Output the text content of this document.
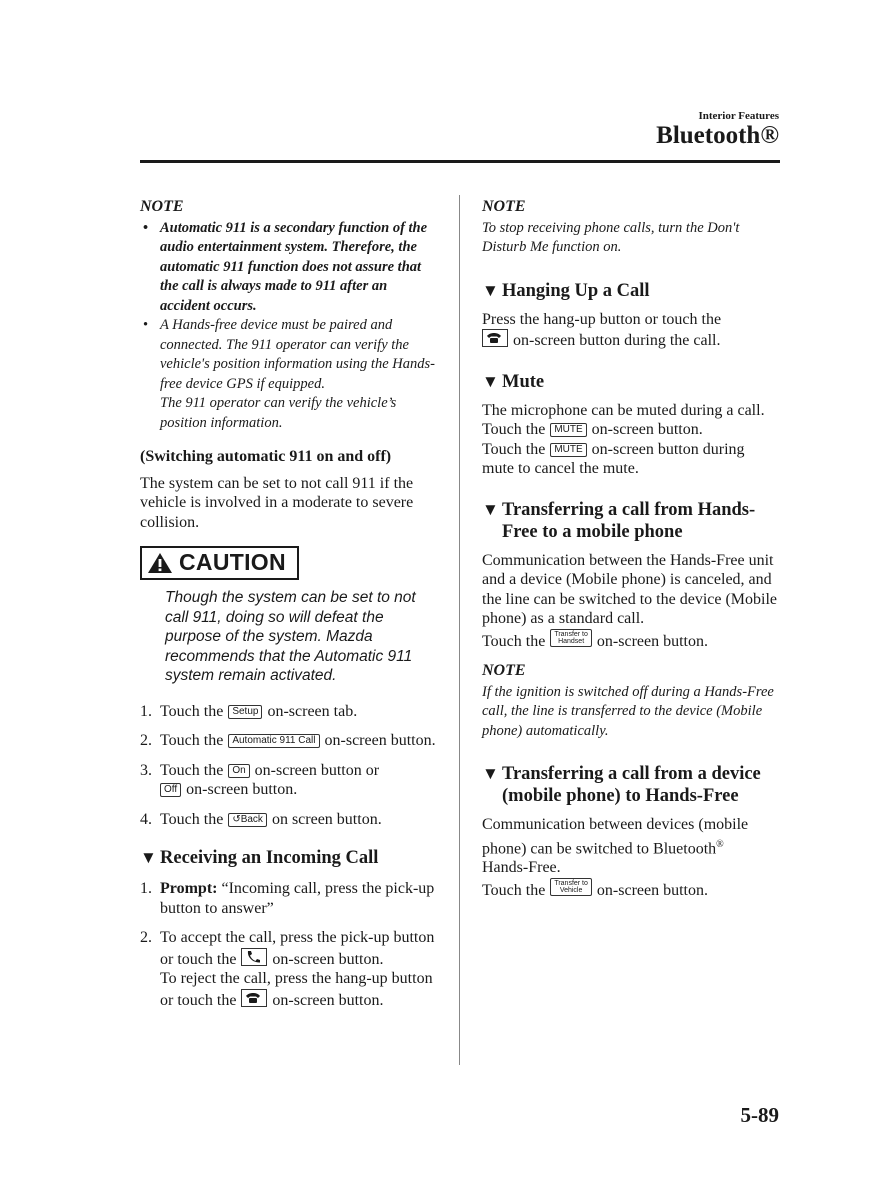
Interior Features
Bluetooth®

NOTE

• Automatic 911 is a secondary function of the audio entertainment system. Therefore, the automatic 911 function does not assure that the call is always made to 911 after an accident occurs.
• A Hands-free device must be paired and connected. The 911 operator can verify the vehicle's position information using the Hands-free device GPS if equipped.
The 911 operator can verify the vehicle’s position information.

(Switching automatic 911 on and off)

The system can be set to not call 911 if the vehicle is involved in a moderate to severe collision.

CAUTION

Though the system can be set to not call 911, doing so will defeat the purpose of the system. Mazda recommends that the Automatic 911 system remain activated.

1. Touch the Setup on-screen tab.
2. Touch the Automatic 911 Call on-screen button.
3. Touch the On on-screen button or
Off on-screen button.
4. Touch the ↺Back on screen button.
▼ Receiving an Incoming Call
1. Prompt: “Incoming call, press the pick-up button to answer”
2. To accept the call, press the pick-up button or touch the on-screen button.
To reject the call, press the hang-up button or touch the on-screen button.

NOTE

To stop receiving phone calls, turn the Don't Disturb Me function on.

▼ Hanging Up a Call

Press the hang-up button or touch the

on-screen button during the call.

▼ Mute

The microphone can be muted during a call.
Touch the MUTE on-screen button.
Touch the MUTE on-screen button during mute to cancel the mute.

▼ Transferring a call from Hands-Free to a mobile phone

Communication between the Hands-Free unit and a device (Mobile phone) is canceled, and the line can be switched to the device (Mobile phone) as a standard call.
Touch the Transfer to
Handset on-screen button.

NOTE

If the ignition is switched off during a Hands-Free call, the line is transferred to the device (Mobile phone) automatically.

▼ Transferring a call from a device (mobile phone) to Hands-Free

Communication between devices (mobile phone) can be switched to Bluetooth®
Hands-Free.
Touch the Transfer to
Vehicle on-screen button.

5-89
